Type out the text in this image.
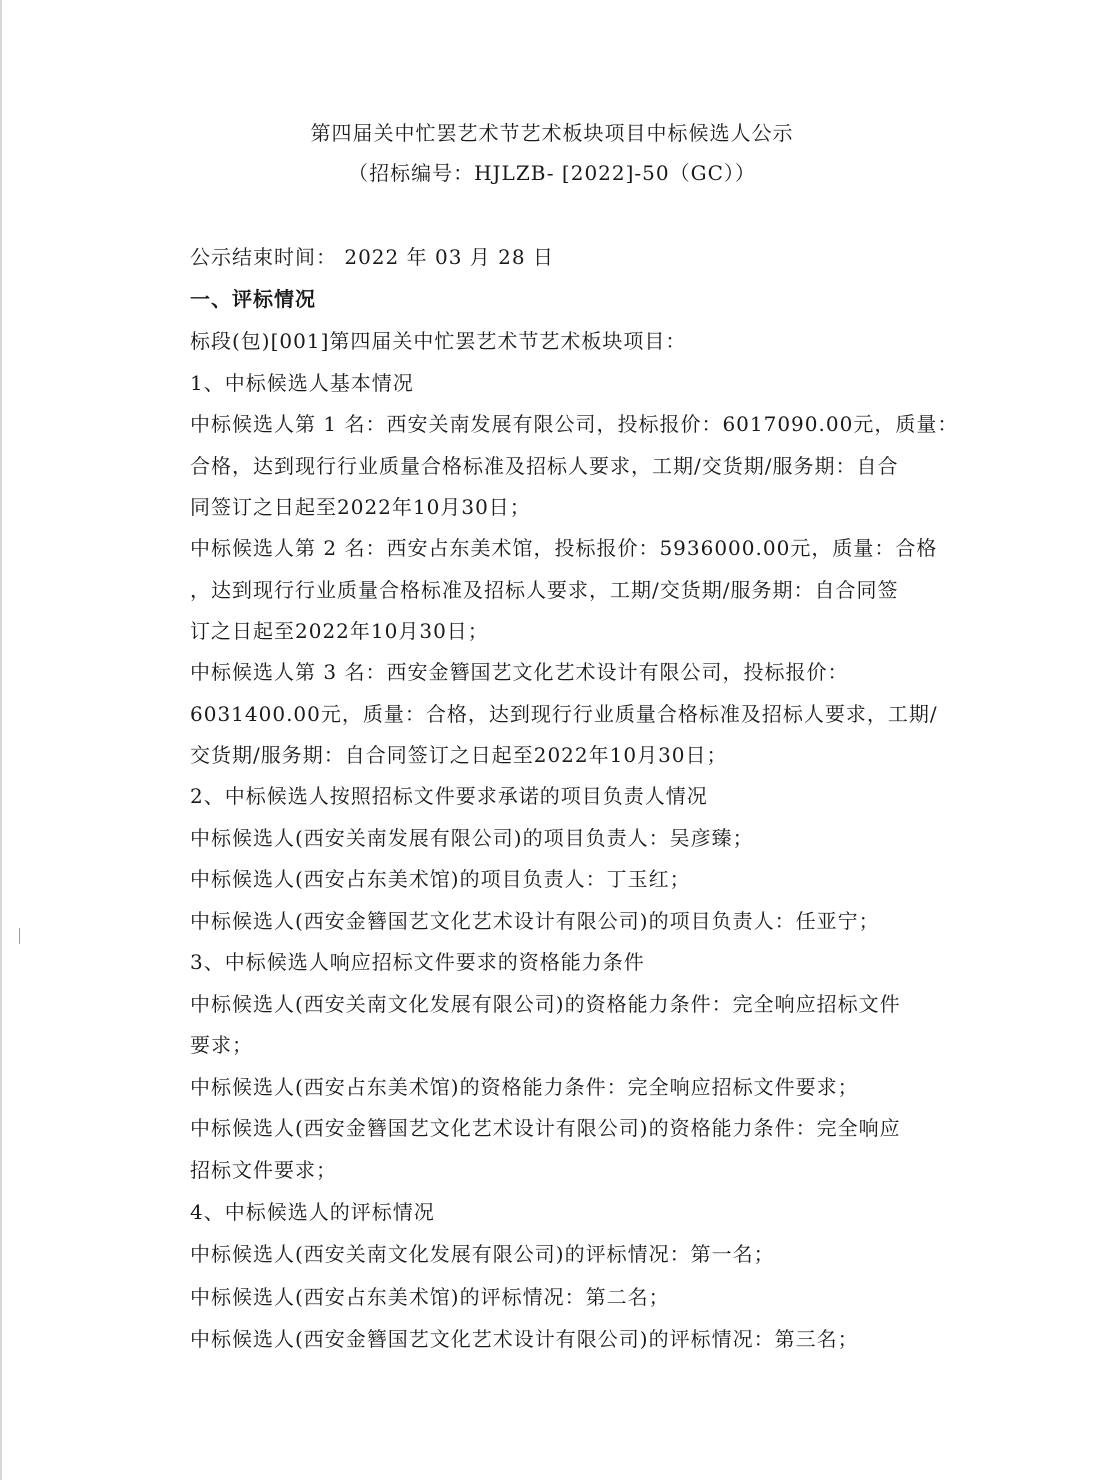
第四届关中忙罢艺术节艺术板块项目中标候选人公示
（招标编号：HJLZB- [2022]-50（GC））
公示结束时间： 2022 年 03 月 28 日
一、评标情况
标段(包)[001]第四届关中忙罢艺术节艺术板块项目：
1、中标候选人基本情况
中标候选人第 1 名：西安关南发展有限公司，投标报价：6017090.00元，质量：
合格，达到现行行业质量合格标准及招标人要求，工期/交货期/服务期：自合
同签订之日起至2022年10月30日；
中标候选人第 2 名：西安占东美术馆，投标报价：5936000.00元，质量：合格
，达到现行行业质量合格标准及招标人要求，工期/交货期/服务期：自合同签
订之日起至2022年10月30日；
中标候选人第 3 名：西安金簪国艺文化艺术设计有限公司，投标报价：
6031400.00元，质量：合格，达到现行行业质量合格标准及招标人要求，工期/
交货期/服务期：自合同签订之日起至2022年10月30日；
2、中标候选人按照招标文件要求承诺的项目负责人情况
中标候选人(西安关南发展有限公司)的项目负责人：吴彦臻；
中标候选人(西安占东美术馆)的项目负责人：丁玉红；
中标候选人(西安金簪国艺文化艺术设计有限公司)的项目负责人：任亚宁；
3、中标候选人响应招标文件要求的资格能力条件
中标候选人(西安关南文化发展有限公司)的资格能力条件：完全响应招标文件
要求；
中标候选人(西安占东美术馆)的资格能力条件：完全响应招标文件要求；
中标候选人(西安金簪国艺文化艺术设计有限公司)的资格能力条件：完全响应
招标文件要求；
4、中标候选人的评标情况
中标候选人(西安关南文化发展有限公司)的评标情况：第一名；
中标候选人(西安占东美术馆)的评标情况：第二名；
中标候选人(西安金簪国艺文化艺术设计有限公司)的评标情况：第三名；
